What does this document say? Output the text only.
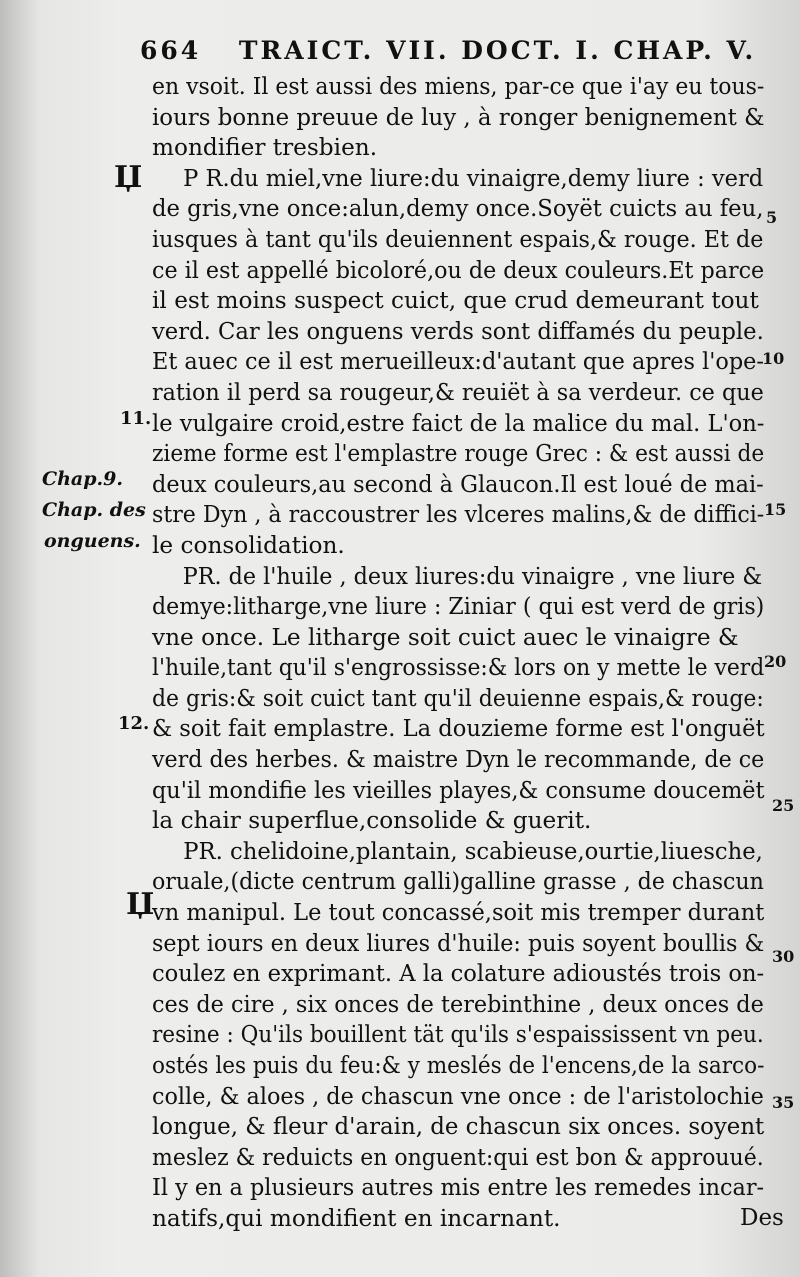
664 TRAICT. VII. DOCT. I. CHAP. V.
Џ
11.
Chap.9.
Chap. des
onguens.
12.
Џ
5
10
15
20
25
30
35
en vsoit. Il est aussi des miens, par-ce que i'ay eu tous-
iours bonne preuue de luy , à ronger benignement &
mondifier tresbien.
P R.du miel,vne liure:du vinaigre,demy liure : verd
de gris,vne once:alun,demy once.Soyët cuicts au feu,
iusques à tant qu'ils deuiennent espais,& rouge. Et de
ce il est appellé bicoloré,ou de deux couleurs.Et parce
il est moins suspect cuict, que crud demeurant tout
verd. Car les onguens verds sont diffamés du peuple.
Et auec ce il est merueilleux:d'autant que apres l'ope-
ration il perd sa rougeur,& reuiët à sa verdeur. ce que
le vulgaire croid,estre faict de la malice du mal. L'on-
zieme forme est l'emplastre rouge Grec : & est aussi de
deux couleurs,au second à Glaucon.Il est loué de mai-
stre Dyn , à raccoustrer les vlceres malins,& de diffici-
le consolidation.
PR. de l'huile , deux liures:du vinaigre , vne liure &
demye:litharge,vne liure : Ziniar ( qui est verd de gris)
vne once. Le litharge soit cuict auec le vinaigre &
l'huile,tant qu'il s'engrossisse:& lors on y mette le verd
de gris:& soit cuict tant qu'il deuienne espais,& rouge:
& soit fait emplastre. La douzieme forme est l'onguët
verd des herbes. & maistre Dyn le recommande, de ce
qu'il mondifie les vieilles playes,& consume doucemët
la chair superflue,consolide & guerit.
PR. chelidoine,plantain, scabieuse,ourtie,liuesche,
oruale,(dicte centrum galli)galline grasse , de chascun
vn manipul. Le tout concassé,soit mis tremper durant
sept iours en deux liures d'huile: puis soyent boullis &
coulez en exprimant. A la colature adioustés trois on-
ces de cire , six onces de terebinthine , deux onces de
resine : Qu'ils bouillent tät qu'ils s'espaississent vn peu.
ostés les puis du feu:& y meslés de l'encens,de la sarco-
colle, & aloes , de chascun vne once : de l'aristolochie
longue, & fleur d'arain, de chascun six onces. soyent
meslez & reduicts en onguent:qui est bon & approuué.
Il y en a plusieurs autres mis entre les remedes incar-
natifs,qui mondifient en incarnant.	Des
